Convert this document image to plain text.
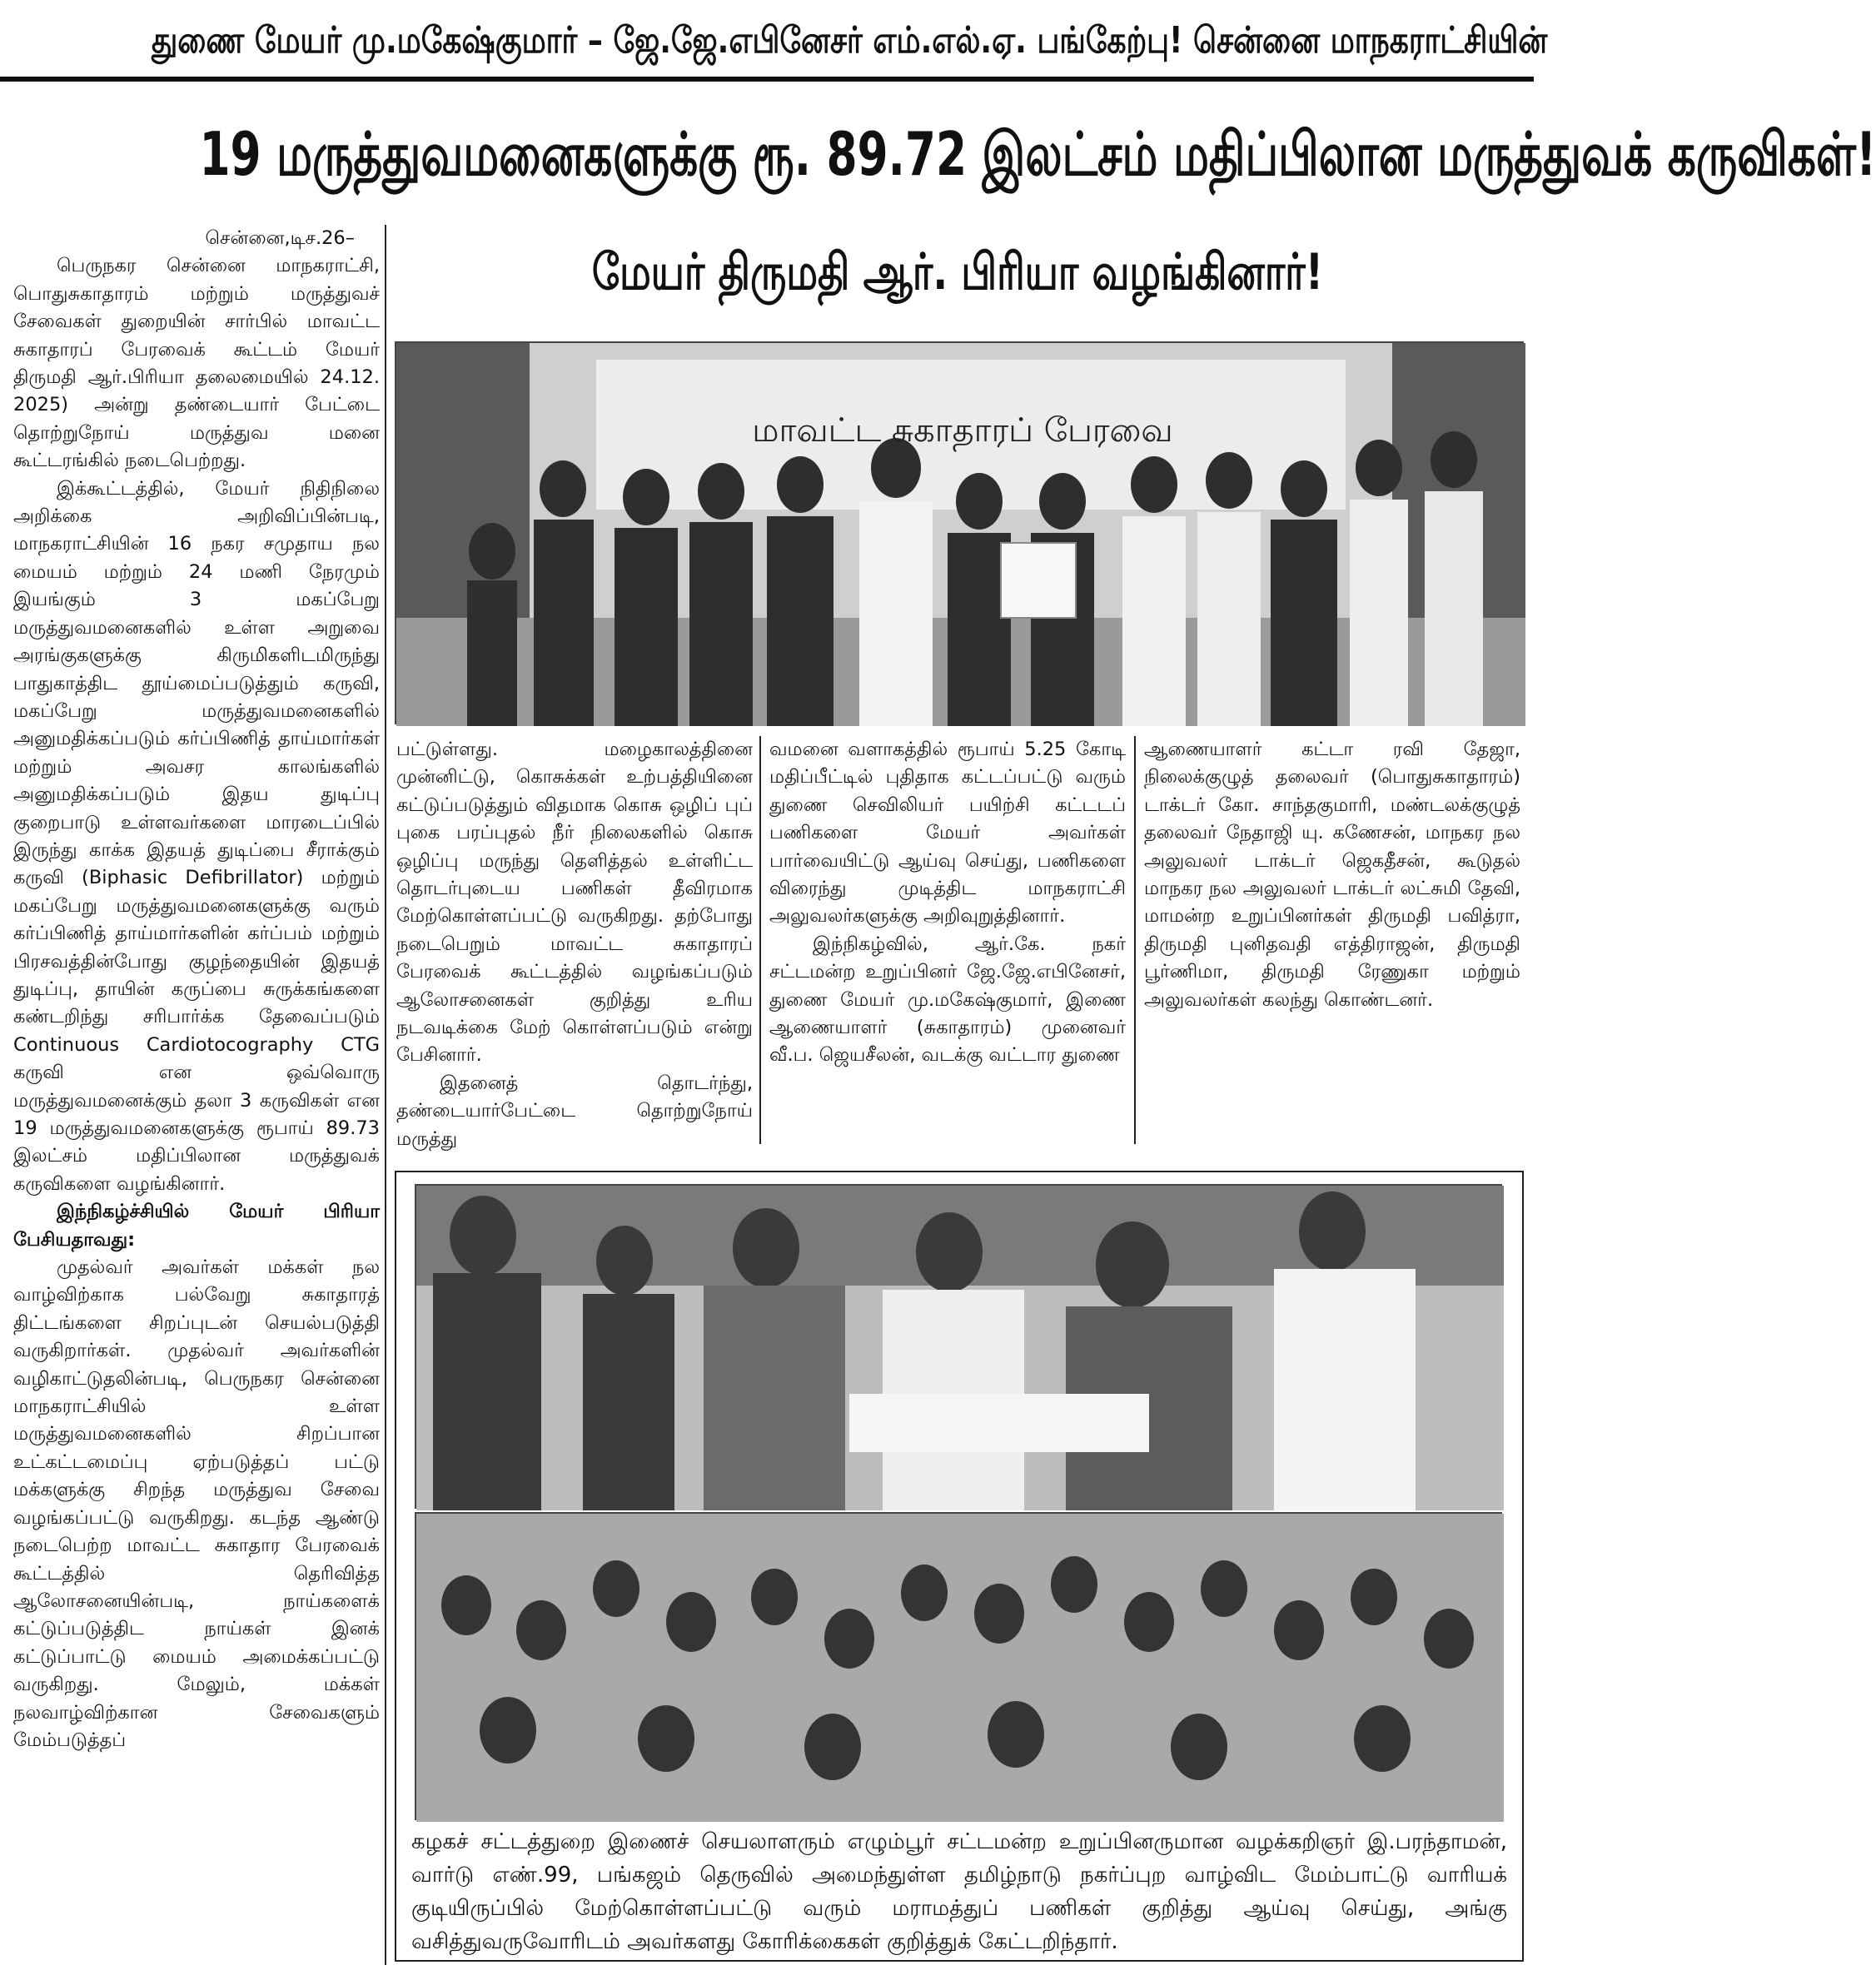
துணை மேயர் மு.மகேஷ்குமார் – ஜே.ஜே.எபினேசர் எம்.எல்.ஏ. பங்கேற்பு! சென்னை மாநகராட்சியின்
19 மருத்துவமனைகளுக்கு ரூ. 89.72 இலட்சம் மதிப்பிலான மருத்துவக் கருவிகள்!
மேயர் திருமதி ஆர். பிரியா வழங்கினார்!

சென்னை,டிச.26–

பெருநகர சென்னை மாநகராட்சி, பொதுசுகாதாரம் மற்றும் மருத்துவச் சேவைகள் துறையின் சார்பில் மாவட்ட சுகாதாரப் பேரவைக் கூட்டம் மேயர் திருமதி ஆர்.பிரியா தலைமையில் 24.12. 2025) அன்று தண்டையார் பேட்டை தொற்றுநோய் மருத்துவ மனை கூட்டரங்கில் நடைபெற்றது.

இக்கூட்டத்தில், மேயர் நிதிநிலை அறிக்கை அறிவிப்பின்படி, மாநகராட்சியின் 16 நகர சமுதாய நல மையம் மற்றும் 24 மணி நேரமும் இயங்கும் 3 மகப்பேறு மருத்துவமனைகளில் உள்ள அறுவை அரங்குகளுக்கு கிருமிகளிடமிருந்து பாதுகாத்திட தூய்மைப்படுத்தும் கருவி, மகப்பேறு மருத்துவமனைகளில் அனுமதிக்கப்படும் கர்ப்பிணித் தாய்மார்கள் மற்றும் அவசர காலங்களில் அனுமதிக்கப்படும் இதய துடிப்பு குறைபாடு உள்ளவர்களை மாரடைப்பில் இருந்து காக்க இதயத் துடிப்பை சீராக்கும் கருவி (Biphasic Defibrillator) மற்றும் மகப்பேறு மருத்துவமனைகளுக்கு வரும் கர்ப்பிணித் தாய்மார்களின் கர்ப்பம் மற்றும் பிரசவத்தின்போது குழந்தையின் இதயத் துடிப்பு, தாயின் கருப்பை சுருக்கங்களை கண்டறிந்து சரிபார்க்க தேவைப்படும் Continuous Cardiotocography CTG கருவி என ஒவ்வொரு மருத்துவமனைக்கும் தலா 3 கருவிகள் என 19 மருத்துவமனைகளுக்கு ரூபாய் 89.73 இலட்சம் மதிப்பிலான மருத்துவக் கருவிகளை வழங்கினார்.

இந்நிகழ்ச்சியில் மேயர் பிரியா பேசியதாவது:

முதல்வர் அவர்கள் மக்கள் நல வாழ்விற்காக பல்வேறு சுகாதாரத் திட்டங்களை சிறப்புடன் செயல்படுத்தி வருகிறார்கள். முதல்வர் அவர்களின் வழிகாட்டுதலின்படி, பெருநகர சென்னை மாநகராட்சியில் உள்ள மருத்துவமனைகளில் சிறப்பான உட்கட்டமைப்பு ஏற்படுத்தப் பட்டு மக்களுக்கு சிறந்த மருத்துவ சேவை வழங்கப்பட்டு வருகிறது. கடந்த ஆண்டு நடைபெற்ற மாவட்ட சுகாதார பேரவைக் கூட்டத்தில் தெரிவித்த ஆலோசனையின்படி, நாய்களைக் கட்டுப்படுத்திட நாய்கள் இனக் கட்டுப்பாட்டு மையம் அமைக்கப்பட்டு வருகிறது. மேலும், மக்கள் நலவாழ்விற்கான சேவைகளும் மேம்படுத்தப்

மாவட்ட சுகாதாரப் பேரவை

பட்டுள்ளது. மழைகாலத்தினை முன்னிட்டு, கொசுக்கள் உற்பத்தியினை கட்டுப்படுத்தும் விதமாக கொசு ஒழிப் புப் புகை பரப்புதல் நீர் நிலைகளில் கொசு ஒழிப்பு மருந்து தெளித்தல் உள்ளிட்ட தொடர்புடைய பணிகள் தீவிரமாக மேற்கொள்ளப்பட்டு வருகிறது. தற்போது நடைபெறும் மாவட்ட சுகாதாரப் பேரவைக் கூட்டத்தில் வழங்கப்படும் ஆலோசனைகள் குறித்து உரிய நடவடிக்கை மேற் கொள்ளப்படும் என்று பேசினார்.

இதனைத் தொடர்ந்து, தண்டையார்பேட்டை தொற்றுநோய் மருத்து

வமனை வளாகத்தில் ரூபாய் 5.25 கோடி மதிப்பீட்டில் புதிதாக கட்டப்பட்டு வரும் துணை செவிலியர் பயிற்சி கட்டடப் பணிகளை மேயர் அவர்கள் பார்வையிட்டு ஆய்வு செய்து, பணிகளை விரைந்து முடித்திட மாநகராட்சி அலுவலர்களுக்கு அறிவுறுத்தினார்.

இந்நிகழ்வில், ஆர்.கே. நகர் சட்டமன்ற உறுப்பினர் ஜே.ஜே.எபினேசர், துணை மேயர் மு.மகேஷ்குமார், இணை ஆணையாளர் (சுகாதாரம்) முனைவர் வீ.ப. ஜெயசீலன், வடக்கு வட்டார துணை

ஆணையாளர் கட்டா ரவி தேஜா, நிலைக்குழுத் தலைவர் (பொதுசுகாதாரம்) டாக்டர் கோ. சாந்தகுமாரி, மண்டலக்குழுத் தலைவர் நேதாஜி யு. கணேசன், மாநகர நல அலுவலர் டாக்டர் ஜெகதீசன், கூடுதல் மாநகர நல அலுவலர் டாக்டர் லட்சுமி தேவி, மாமன்ற உறுப்பினர்கள் திருமதி பவித்ரா, திருமதி புனிதவதி எத்திராஜன், திருமதி பூர்ணிமா, திருமதி ரேணுகா மற்றும் அலுவலர்கள் கலந்து கொண்டனர்.

கழகச் சட்டத்துறை இணைச் செயலாளரும் எழும்பூர் சட்டமன்ற உறுப்பினருமான வழக்கறிஞர் இ.பரந்தாமன், வார்டு எண்.99, பங்கஜம் தெருவில் அமைந்துள்ள தமிழ்நாடு நகர்ப்புற வாழ்விட மேம்பாட்டு வாரியக் குடியிருப்பில் மேற்கொள்ளப்பட்டு வரும் மராமத்துப் பணிகள் குறித்து ஆய்வு செய்து, அங்கு வசித்துவருவோரிடம் அவர்களது கோரிக்கைகள் குறித்துக் கேட்டறிந்தார்.
